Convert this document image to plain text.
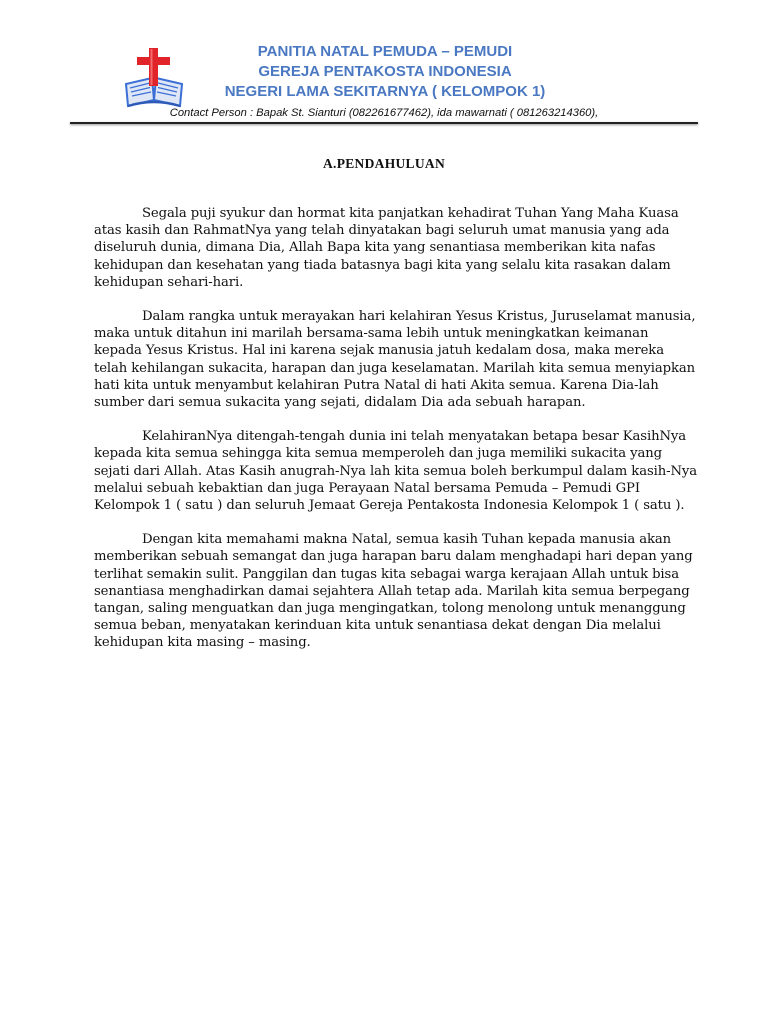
PANITIA NATAL PEMUDA – PEMUDI
GEREJA PENTAKOSTA INDONESIA
NEGERI LAMA SEKITARNYA ( KELOMPOK 1)
Contact Person : Bapak St. Sianturi (082261677462), ida mawarnati ( 081263214360),
A.PENDAHULUAN

Segala puji syukur dan hormat kita panjatkan kehadirat Tuhan Yang Maha Kuasa atas kasih dan RahmatNya yang telah dinyatakan bagi seluruh umat manusia yang ada diseluruh dunia, dimana Dia, Allah Bapa kita yang senantiasa memberikan kita nafas kehidupan dan kesehatan yang tiada batasnya bagi kita yang selalu kita rasakan dalam kehidupan sehari-hari.

Dalam rangka untuk merayakan hari kelahiran Yesus Kristus, Juruselamat manusia, maka untuk ditahun ini marilah bersama-sama lebih untuk meningkatkan keimanan kepada Yesus Kristus. Hal ini karena sejak manusia jatuh kedalam dosa, maka mereka telah kehilangan sukacita, harapan dan juga keselamatan. Marilah kita semua menyiapkan hati kita untuk menyambut kelahiran Putra Natal di hati Akita semua. Karena Dia-lah sumber dari semua sukacita yang sejati, didalam Dia ada sebuah harapan.

KelahiranNya ditengah-tengah dunia ini telah menyatakan betapa besar KasihNya kepada kita semua sehingga kita semua memperoleh dan juga memiliki sukacita yang sejati dari Allah. Atas Kasih anugrah-Nya lah kita semua boleh berkumpul dalam kasih-Nya melalui sebuah kebaktian dan juga Perayaan Natal bersama Pemuda – Pemudi GPI Kelompok 1 ( satu ) dan seluruh Jemaat Gereja Pentakosta Indonesia Kelompok 1 ( satu ).

Dengan kita memahami makna Natal, semua kasih Tuhan kepada manusia akan memberikan sebuah semangat dan juga harapan baru dalam menghadapi hari depan yang terlihat semakin sulit. Panggilan dan tugas kita sebagai warga kerajaan Allah untuk bisa senantiasa menghadirkan damai sejahtera Allah tetap ada. Marilah kita semua berpegang tangan, saling menguatkan dan juga mengingatkan, tolong menolong untuk menanggung semua beban, menyatakan kerinduan kita untuk senantiasa dekat dengan Dia melalui kehidupan kita masing – masing.
